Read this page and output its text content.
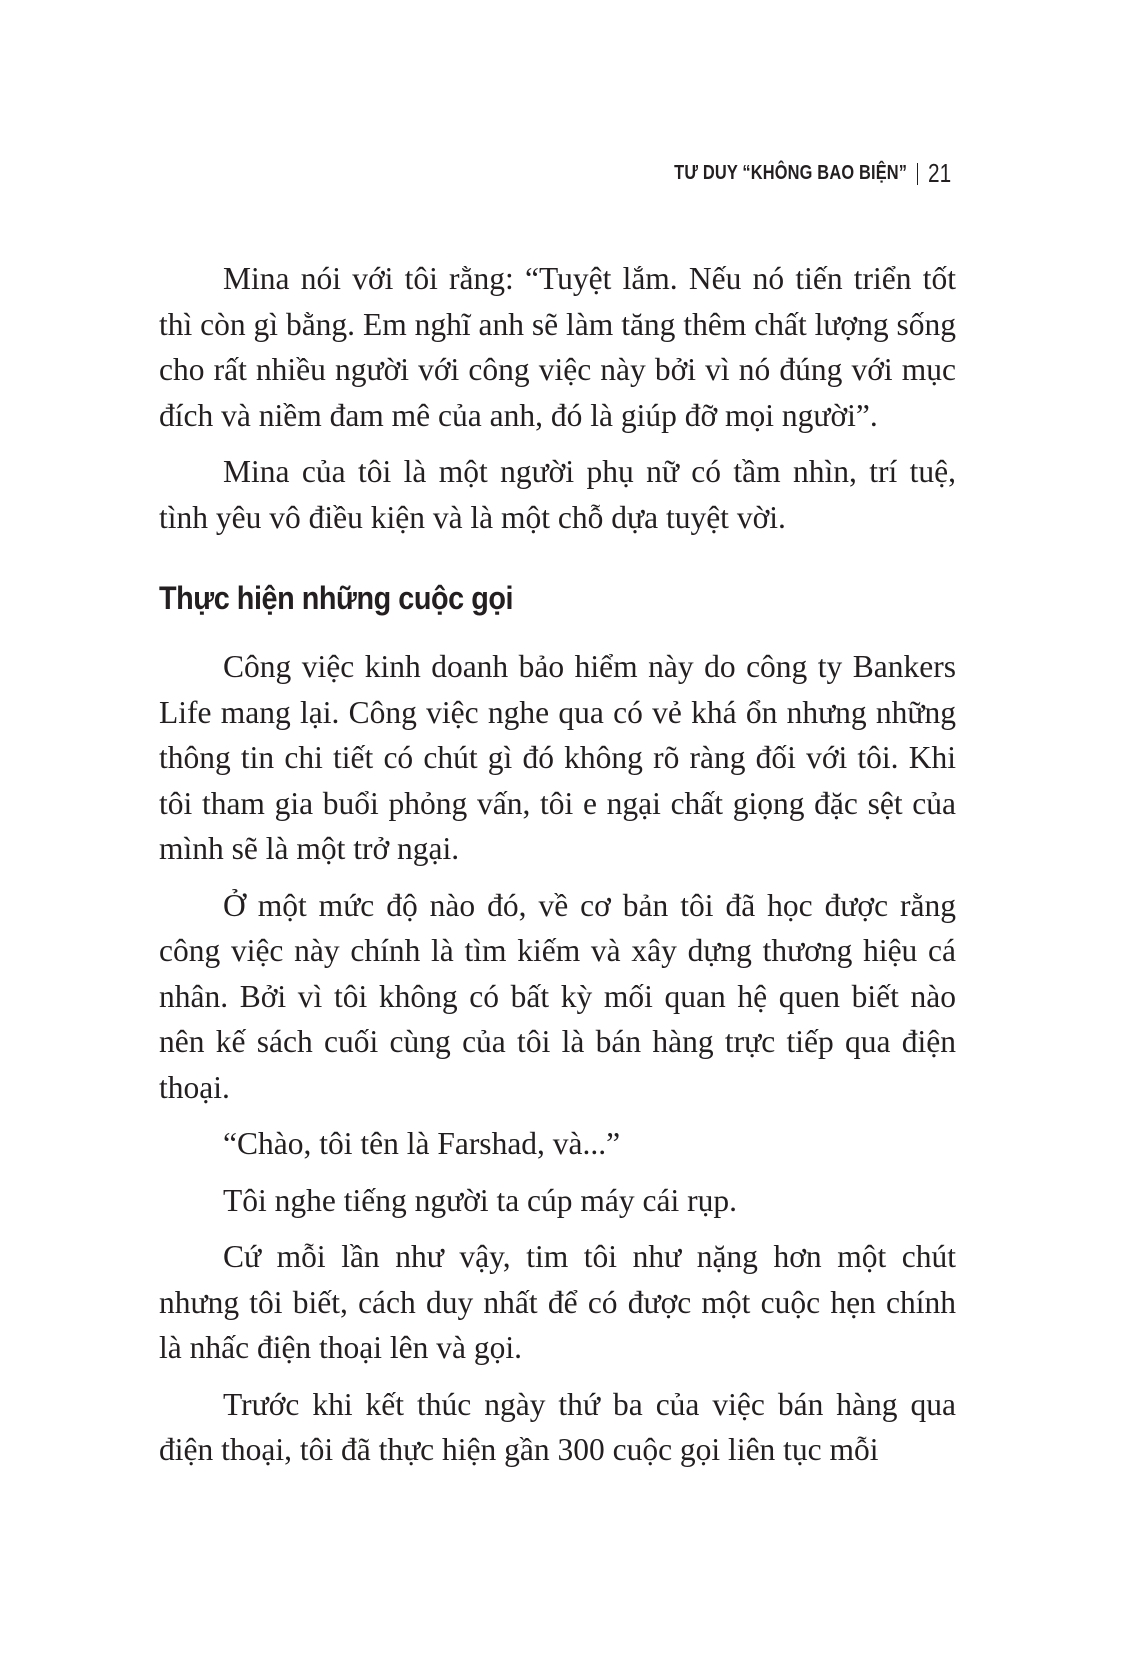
TƯ DUY “KHÔNG BAO BIỆN” 21

Mina nói với tôi rằng: “Tuyệt lắm. Nếu nó tiến triển tốt thì còn gì bằng. Em nghĩ anh sẽ làm tăng thêm chất lượng sống cho rất nhiều người với công việc này bởi vì nó đúng với mục đích và niềm đam mê của anh, đó là giúp đỡ mọi người”.

Mina của tôi là một người phụ nữ có tầm nhìn, trí tuệ, tình yêu vô điều kiện và là một chỗ dựa tuyệt vời.

Thực hiện những cuộc gọi

Công việc kinh doanh bảo hiểm này do công ty Bankers Life mang lại. Công việc nghe qua có vẻ khá ổn nhưng những thông tin chi tiết có chút gì đó không rõ ràng đối với tôi. Khi tôi tham gia buổi phỏng vấn, tôi e ngại chất giọng đặc sệt của mình sẽ là một trở ngại.

Ở một mức độ nào đó, về cơ bản tôi đã học được rằng công việc này chính là tìm kiếm và xây dựng thương hiệu cá nhân. Bởi vì tôi không có bất kỳ mối quan hệ quen biết nào nên kế sách cuối cùng của tôi là bán hàng trực tiếp qua điện thoại.

“Chào, tôi tên là Farshad, và...”

Tôi nghe tiếng người ta cúp máy cái rụp.

Cứ mỗi lần như vậy, tim tôi như nặng hơn một chút nhưng tôi biết, cách duy nhất để có được một cuộc hẹn chính là nhấc điện thoại lên và gọi.

Trước khi kết thúc ngày thứ ba của việc bán hàng qua điện thoại, tôi đã thực hiện gần 300 cuộc gọi liên tục mỗi
